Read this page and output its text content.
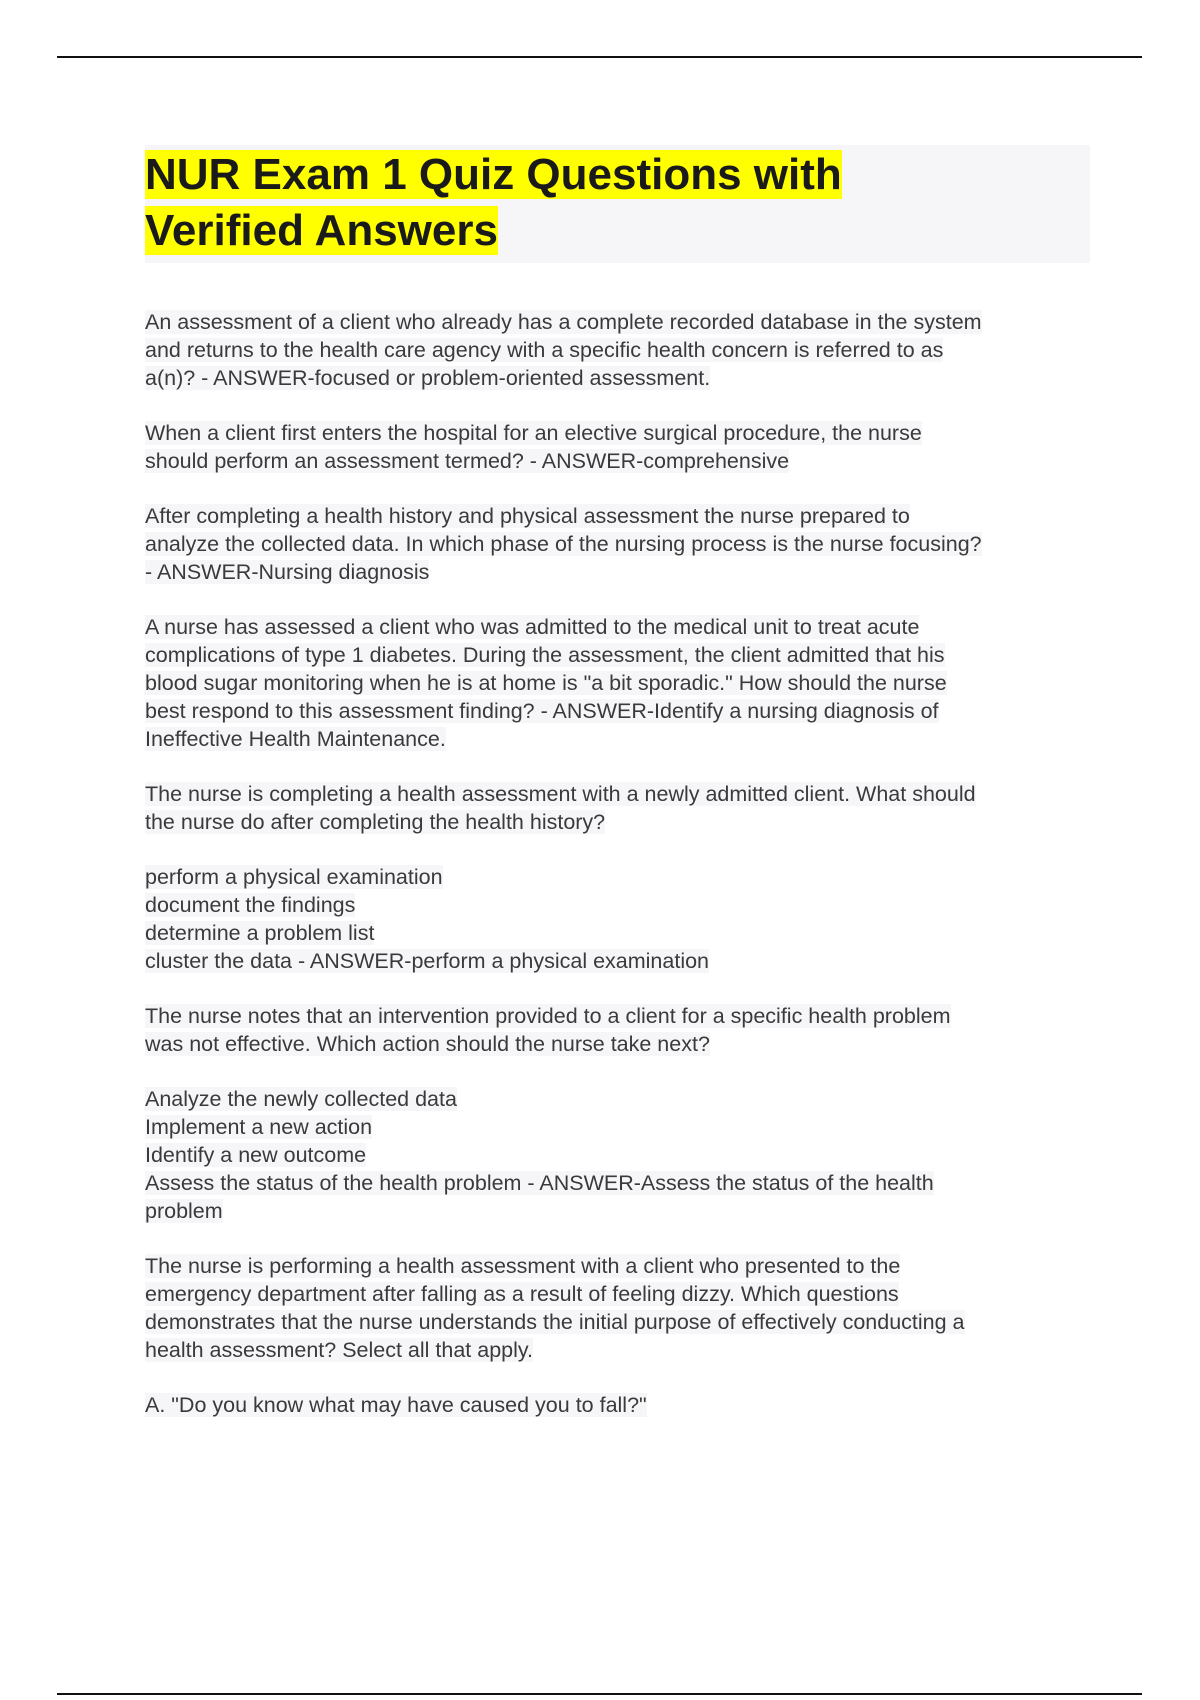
NUR Exam 1 Quiz Questions with
Verified Answers

An assessment of a client who already has a complete recorded database in the system
and returns to the health care agency with a specific health concern is referred to as
a(n)? - ANSWER-focused or problem-oriented assessment.

When a client first enters the hospital for an elective surgical procedure, the nurse
should perform an assessment termed? - ANSWER-comprehensive

After completing a health history and physical assessment the nurse prepared to
analyze the collected data. In which phase of the nursing process is the nurse focusing?
- ANSWER-Nursing diagnosis

A nurse has assessed a client who was admitted to the medical unit to treat acute
complications of type 1 diabetes. During the assessment, the client admitted that his
blood sugar monitoring when he is at home is "a bit sporadic." How should the nurse
best respond to this assessment finding? - ANSWER-Identify a nursing diagnosis of
Ineffective Health Maintenance.

The nurse is completing a health assessment with a newly admitted client. What should
the nurse do after completing the health history?

perform a physical examination
document the findings
determine a problem list
cluster the data - ANSWER-perform a physical examination

The nurse notes that an intervention provided to a client for a specific health problem
was not effective. Which action should the nurse take next?

Analyze the newly collected data
Implement a new action
Identify a new outcome
Assess the status of the health problem - ANSWER-Assess the status of the health
problem

The nurse is performing a health assessment with a client who presented to the
emergency department after falling as a result of feeling dizzy. Which questions
demonstrates that the nurse understands the initial purpose of effectively conducting a
health assessment? Select all that apply.

A. "Do you know what may have caused you to fall?"
